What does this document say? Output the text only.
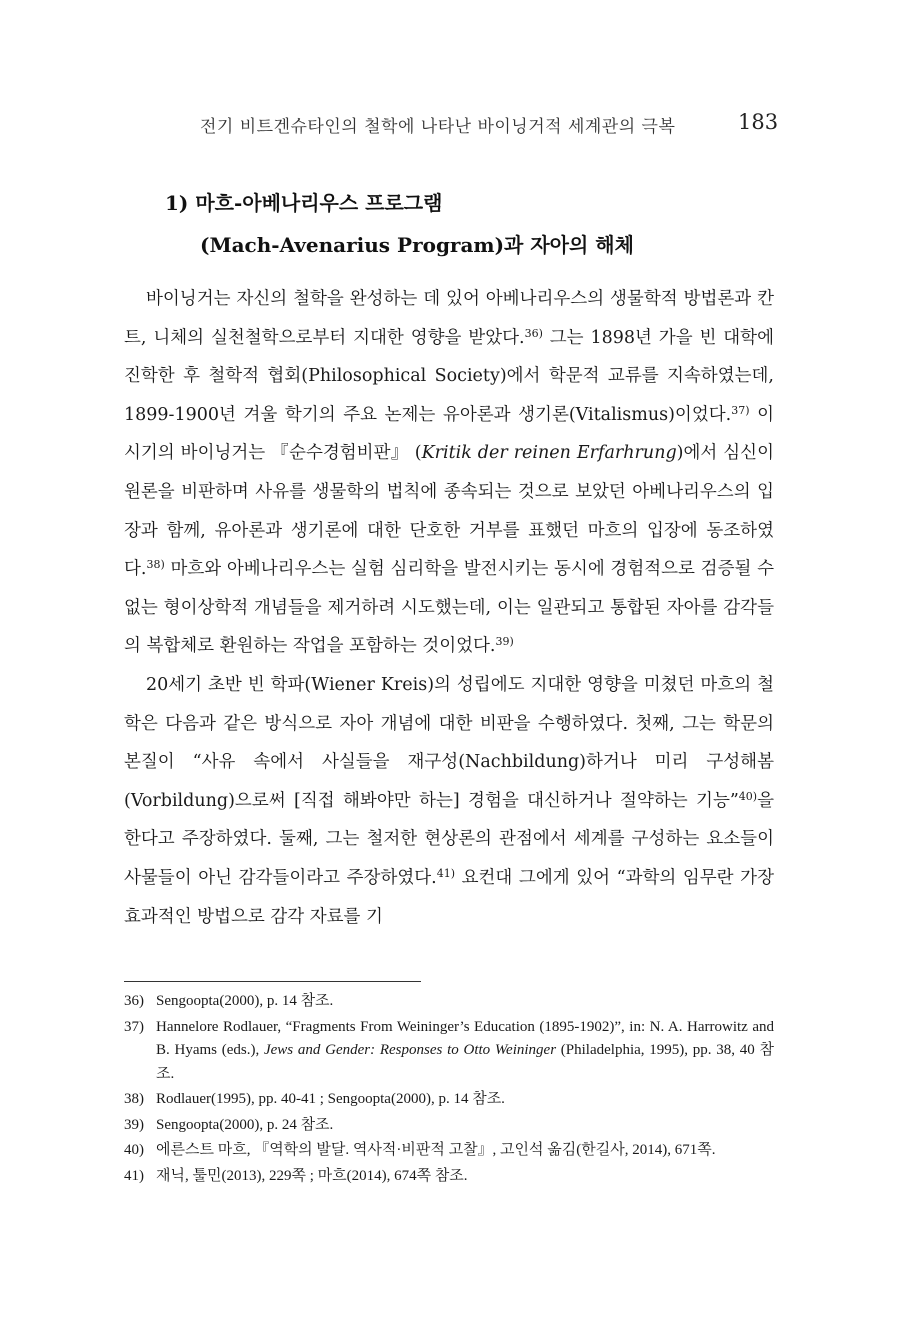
전기 비트겐슈타인의 철학에 나타난 바이닝거적 세계관의 극복	183
1) 마흐-아베나리우스 프로그램
(Mach-Avenarius Program)과 자아의 해체

바이닝거는 자신의 철학을 완성하는 데 있어 아베나리우스의 생물학적 방법론과 칸트, 니체의 실천철학으로부터 지대한 영향을 받았다.$^{36)}$ 그는 1898년 가을 빈 대학에 진학한 후 철학적 협회(Philosophical Society)에서 학문적 교류를 지속하였는데, 1899-1900년 겨울 학기의 주요 논제는 유아론과 생기론(Vitalismus)이었다.$^{37)}$ 이 시기의 바이닝거는 『순수경험비판』 (Kritik der reinen Erfarhrung)에서 심신이원론을 비판하며 사유를 생물학의 법칙에 종속되는 것으로 보았던 아베나리우스의 입장과 함께, 유아론과 생기론에 대한 단호한 거부를 표했던 마흐의 입장에 동조하였다.$^{38)}$ 마흐와 아베나리우스는 실험 심리학을 발전시키는 동시에 경험적으로 검증될 수 없는 형이상학적 개념들을 제거하려 시도했는데, 이는 일관되고 통합된 자아를 감각들의 복합체로 환원하는 작업을 포함하는 것이었다.$^{39)}$

20세기 초반 빈 학파(Wiener Kreis)의 성립에도 지대한 영향을 미쳤던 마흐의 철학은 다음과 같은 방식으로 자아 개념에 대한 비판을 수행하였다. 첫째, 그는 학문의 본질이 “사유 속에서 사실들을 재구성(Nachbildung)하거나 미리 구성해봄(Vorbildung)으로써 [직접 해봐야만 하는] 경험을 대신하거나 절약하는 기능”$^{40)}$을 한다고 주장하였다. 둘째, 그는 철저한 현상론의 관점에서 세계를 구성하는 요소들이 사물들이 아닌 감각들이라고 주장하였다.$^{41)}$ 요컨대 그에게 있어 “과학의 임무란 가장 효과적인 방법으로 감각 자료를 기

36) Sengoopta(2000), p. 14 참조.
37) Hannelore Rodlauer, “Fragments From Weininger’s Education (1895-1902)”, in: N. A. Harrowitz and B. Hyams (eds.), Jews and Gender: Responses to Otto Weininger (Philadelphia, 1995), pp. 38, 40 참조.
38) Rodlauer(1995), pp. 40-41 ; Sengoopta(2000), p. 14 참조.
39) Sengoopta(2000), p. 24 참조.
40) 에른스트 마흐, 『역학의 발달. 역사적·비판적 고찰』, 고인석 옮김(한길사, 2014), 671쪽.
41) 재닉, 툴민(2013), 229쪽 ; 마흐(2014), 674쪽 참조.
